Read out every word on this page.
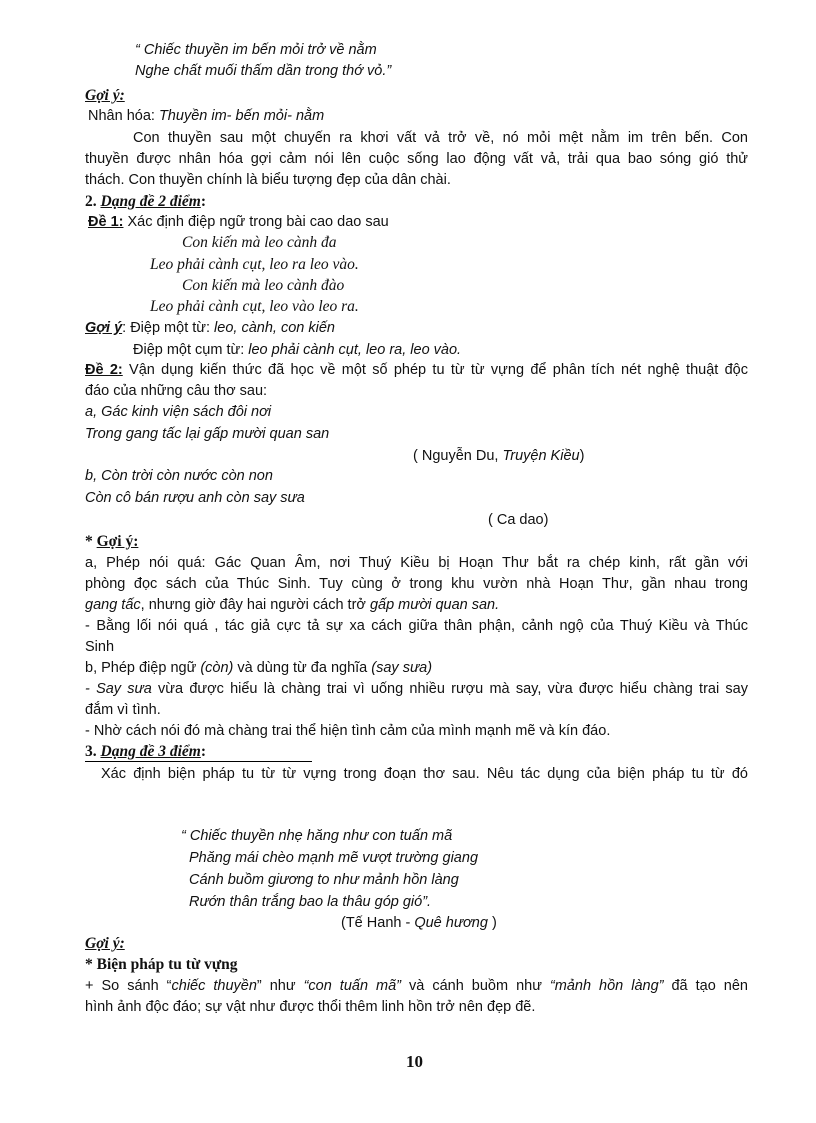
“ Chiếc thuyền im bến mỏi trở về nằm
Nghe chất muối thấm dần trong thớ vỏ.”
Gợi ý:
Nhân hóa: Thuyền im- bến mỏi- nằm
Con thuyền sau một chuyến ra khơi vất vả trở về, nó mỏi mệt nằm im trên bến. Con
thuyền được nhân hóa gợi cảm nói lên cuộc sống lao động vất vả, trải qua bao sóng gió thử
thách. Con thuyền chính là biểu tượng đẹp của dân chài.
2. Dạng đề 2 điểm:
Đề 1: Xác định điệp ngữ trong bài cao dao sau
Con kiến mà leo cành đa
Leo phải cành cụt, leo ra leo vào.
Con kiến mà leo cành đào
Leo phải cành cụt, leo vào leo ra.
Gợi ý: Điệp một từ: leo, cành, con kiến
Điệp một cụm từ: leo phải cành cụt, leo ra, leo vào.
Đề 2: Vận dụng kiến thức đã học về một số phép tu từ từ vựng để phân tích nét nghệ thuật độc
đáo của những câu thơ sau:
a, Gác kinh viện sách đôi nơi
Trong gang tấc lại gấp mười quan san
( Nguyễn Du, Truyện Kiều)
b, Còn trời còn nước còn non
Còn cô bán rượu anh còn say sưa
( Ca dao)
* Gợi ý:
a, Phép nói quá: Gác Quan Âm, nơi Thuý Kiều bị Hoạn Thư bắt ra chép kinh, rất gần với
phòng đọc sách của Thúc Sinh. Tuy cùng ở trong khu vườn nhà Hoạn Thư, gần nhau trong
gang tấc, nhưng giờ đây hai người cách trở gấp mười quan san.
- Bằng lối nói quá , tác giả cực tả sự xa cách giữa thân phận, cảnh ngộ của Thuý Kiều và Thúc
Sinh
b, Phép điệp ngữ (còn) và dùng từ đa nghĩa (say sưa)
- Say sưa vừa được hiểu là chàng trai vì uống nhiều rượu mà say, vừa được hiểu chàng trai say
đắm vì tình.
- Nhờ cách nói đó mà chàng trai thể hiện tình cảm của mình mạnh mẽ và kín đáo.
3. Dạng đề 3 điểm:
Xác định biện pháp tu từ từ vựng trong đoạn thơ sau. Nêu tác dụng của biện pháp tu từ đó
“ Chiếc thuyền nhẹ hăng như con tuấn mã
Phăng mái chèo mạnh mẽ vượt trường giang
Cánh buồm giương to như mảnh hồn làng
Rướn thân trắng bao la thâu góp gió”.
(Tế Hanh - Quê hương )
Gợi ý:
* Biện pháp tu từ vựng
+ So sánh “chiếc thuyền” như “con tuấn mã” và cánh buồm như “mảnh hồn làng” đã tạo nên
hình ảnh độc đáo; sự vật như được thổi thêm linh hồn trở nên đẹp đẽ.
10
